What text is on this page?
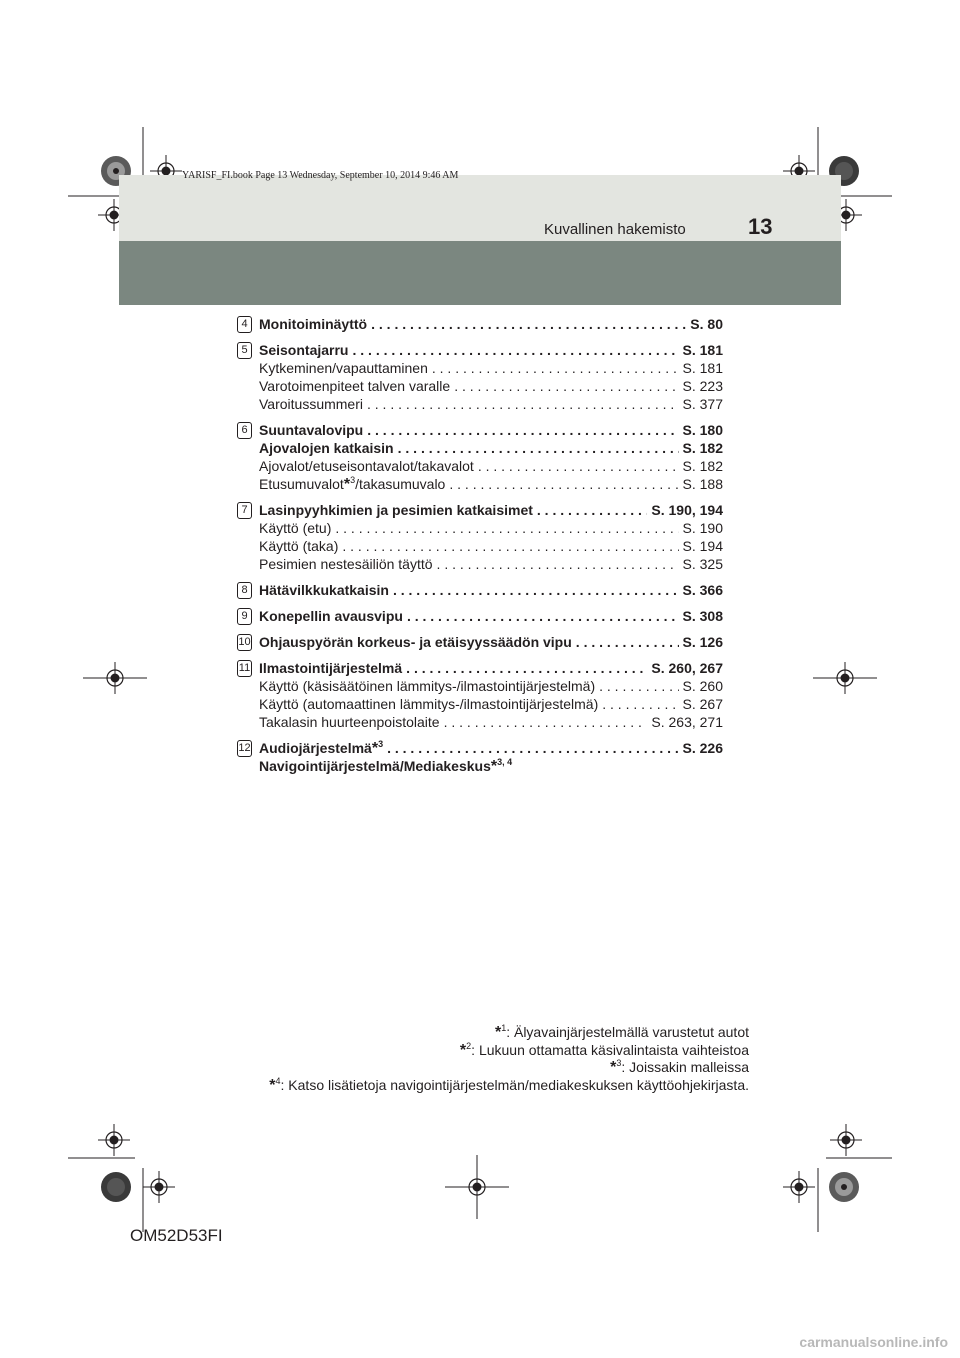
YARISF_FI.book Page 13 Wednesday, September 10, 2014 9:46 AM
Kuvallinen hakemisto	13
4 Monitoiminäyttö . . .	S. 80
5 Seisontajarru . . .	S. 181
Kytkeminen/vapauttaminen . . .	S. 181
Varotoimenpiteet talven varalle . . .	S. 223
Varoitussummeri . . .	S. 377
6 Suuntavalovipu . . .	S. 180
Ajovalojen katkaisin . . .	S. 182
Ajovalot/etuseisontavalot/takavalot . . .	S. 182
Etusumuvalot*$^3$/takasumuvalo . . .	S. 188
7 Lasinpyyhkimien ja pesimien katkaisimet . . .	S. 190, 194
Käyttö (etu) . . .	S. 190
Käyttö (taka) . . .	S. 194
Pesimien nestesäiliön täyttö . . .	S. 325
8 Hätävilkkukatkaisin . . .	S. 366
9 Konepellin avausvipu . . .	S. 308
10 Ohjauspyörän korkeus- ja etäisyyssäädön vipu . . .	S. 126
11 Ilmastointijärjestelmä . . .	S. 260, 267
Käyttö (käsisäätöinen lämmitys-/ilmastointijärjestelmä) . . .	S. 260
Käyttö (automaattinen lämmitys-/ilmastointijärjestelmä) . . .	S. 267
Takalasin huurteenpoistolaite . . .	S. 263, 271
12 Audiojärjestelmä*$^3$ . . .	S. 226
Navigointijärjestelmä/Mediakeskus*$^{3, 4}$
*$^1$: Älyavainjärjestelmällä varustetut autot
*$^2$: Lukuun ottamatta käsivalintaista vaihteistoa
*$^3$: Joissakin malleissa
*$^4$: Katso lisätietoja navigointijärjestelmän/mediakeskuksen käyttöohjekirjasta.
OM52D53FI
carmanualsonline.info
